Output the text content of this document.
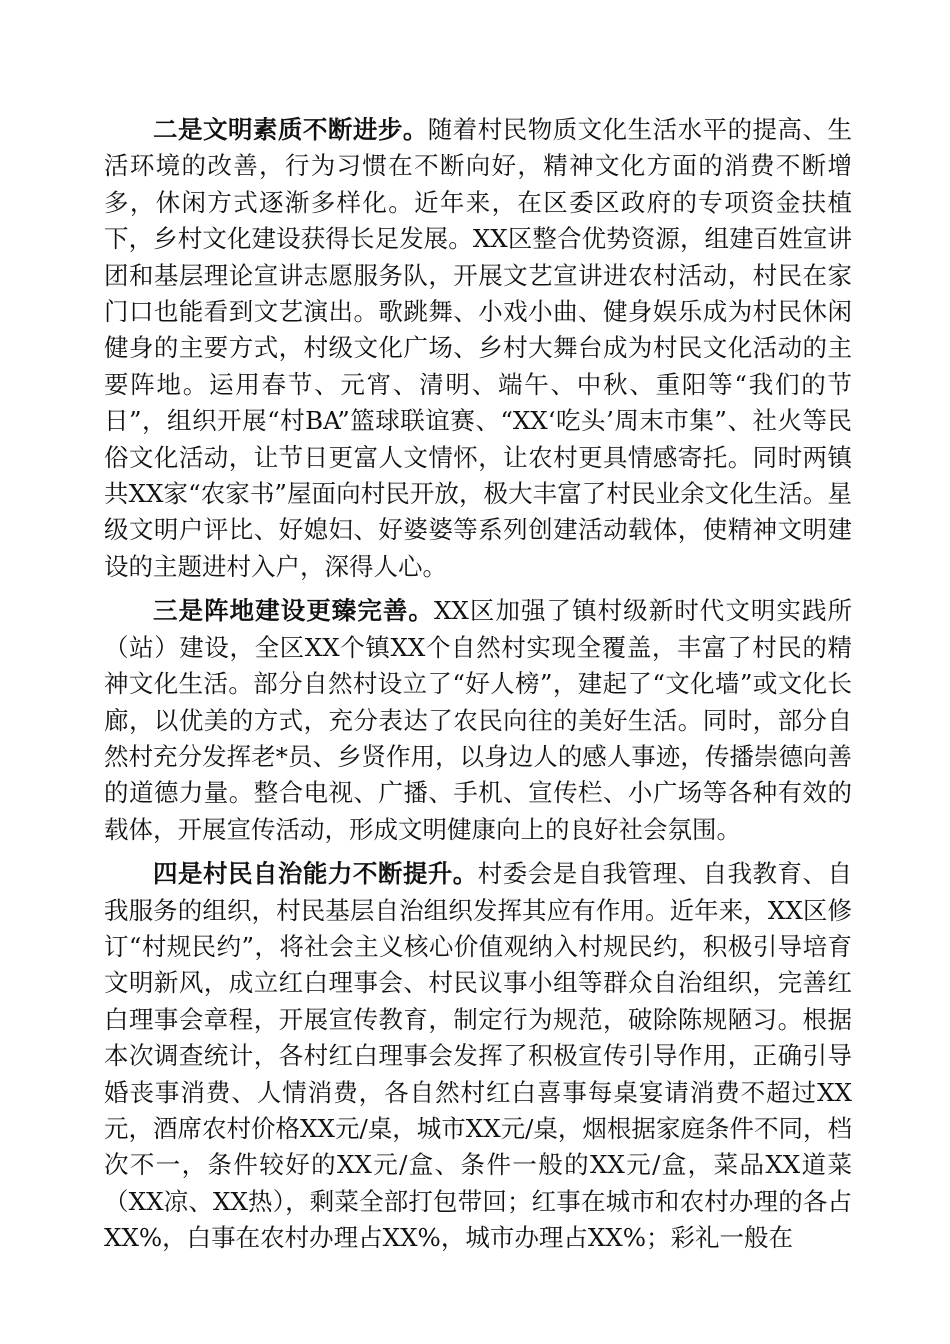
二是文明素质不断进步。随着村民物质文化生活水平的提高、生活环境的改善，行为习惯在不断向好，精神文化方面的消费不断增多，休闲方式逐渐多样化。近年来，在区委区政府的专项资金扶植下，乡村文化建设获得长足发展。XX区整合优势资源，组建百姓宣讲团和基层理论宣讲志愿服务队，开展文艺宣讲进农村活动，村民在家门口也能看到文艺演出。歌跳舞、小戏小曲、健身娱乐成为村民休闲健身的主要方式，村级文化广场、乡村大舞台成为村民文化活动的主要阵地。运用春节、元宵、清明、端午、中秋、重阳等“我们的节日”，组织开展“村BA”篮球联谊赛、“XX‘吃头’周末市集”、社火等民俗文化活动，让节日更富人文情怀，让农村更具情感寄托。同时两镇共XX家“农家书”屋面向村民开放，极大丰富了村民业余文化生活。星级文明户评比、好媳妇、好婆婆等系列创建活动载体，使精神文明建设的主题进村入户，深得人心。

三是阵地建设更臻完善。XX区加强了镇村级新时代文明实践所（站）建设，全区XX个镇XX个自然村实现全覆盖，丰富了村民的精神文化生活。部分自然村设立了“好人榜”，建起了“文化墙”或文化长廊，以优美的方式，充分表达了农民向往的美好生活。同时，部分自然村充分发挥老*员、乡贤作用，以身边人的感人事迹，传播崇德向善的道德力量。整合电视、广播、手机、宣传栏、小广场等各种有效的载体，开展宣传活动，形成文明健康向上的良好社会氛围。

四是村民自治能力不断提升。村委会是自我管理、自我教育、自我服务的组织，村民基层自治组织发挥其应有作用。近年来，XX区修订“村规民约”，将社会主义核心价值观纳入村规民约，积极引导培育文明新风，成立红白理事会、村民议事小组等群众自治组织，完善红白理事会章程，开展宣传教育，制定行为规范，破除陈规陋习。根据本次调查统计，各村红白理事会发挥了积极宣传引导作用，正确引导婚丧事消费、人情消费，各自然村红白喜事每桌宴请消费不超过XX元，酒席农村价格XX元/桌，城市XX元/桌，烟根据家庭条件不同，档次不一，条件较好的XX元/盒、条件一般的XX元/盒，菜品XX道菜（XX凉、XX热），剩菜全部打包带回；红事在城市和农村办理的各占XX%，白事在农村办理占XX%，城市办理占XX%；彩礼一般在
